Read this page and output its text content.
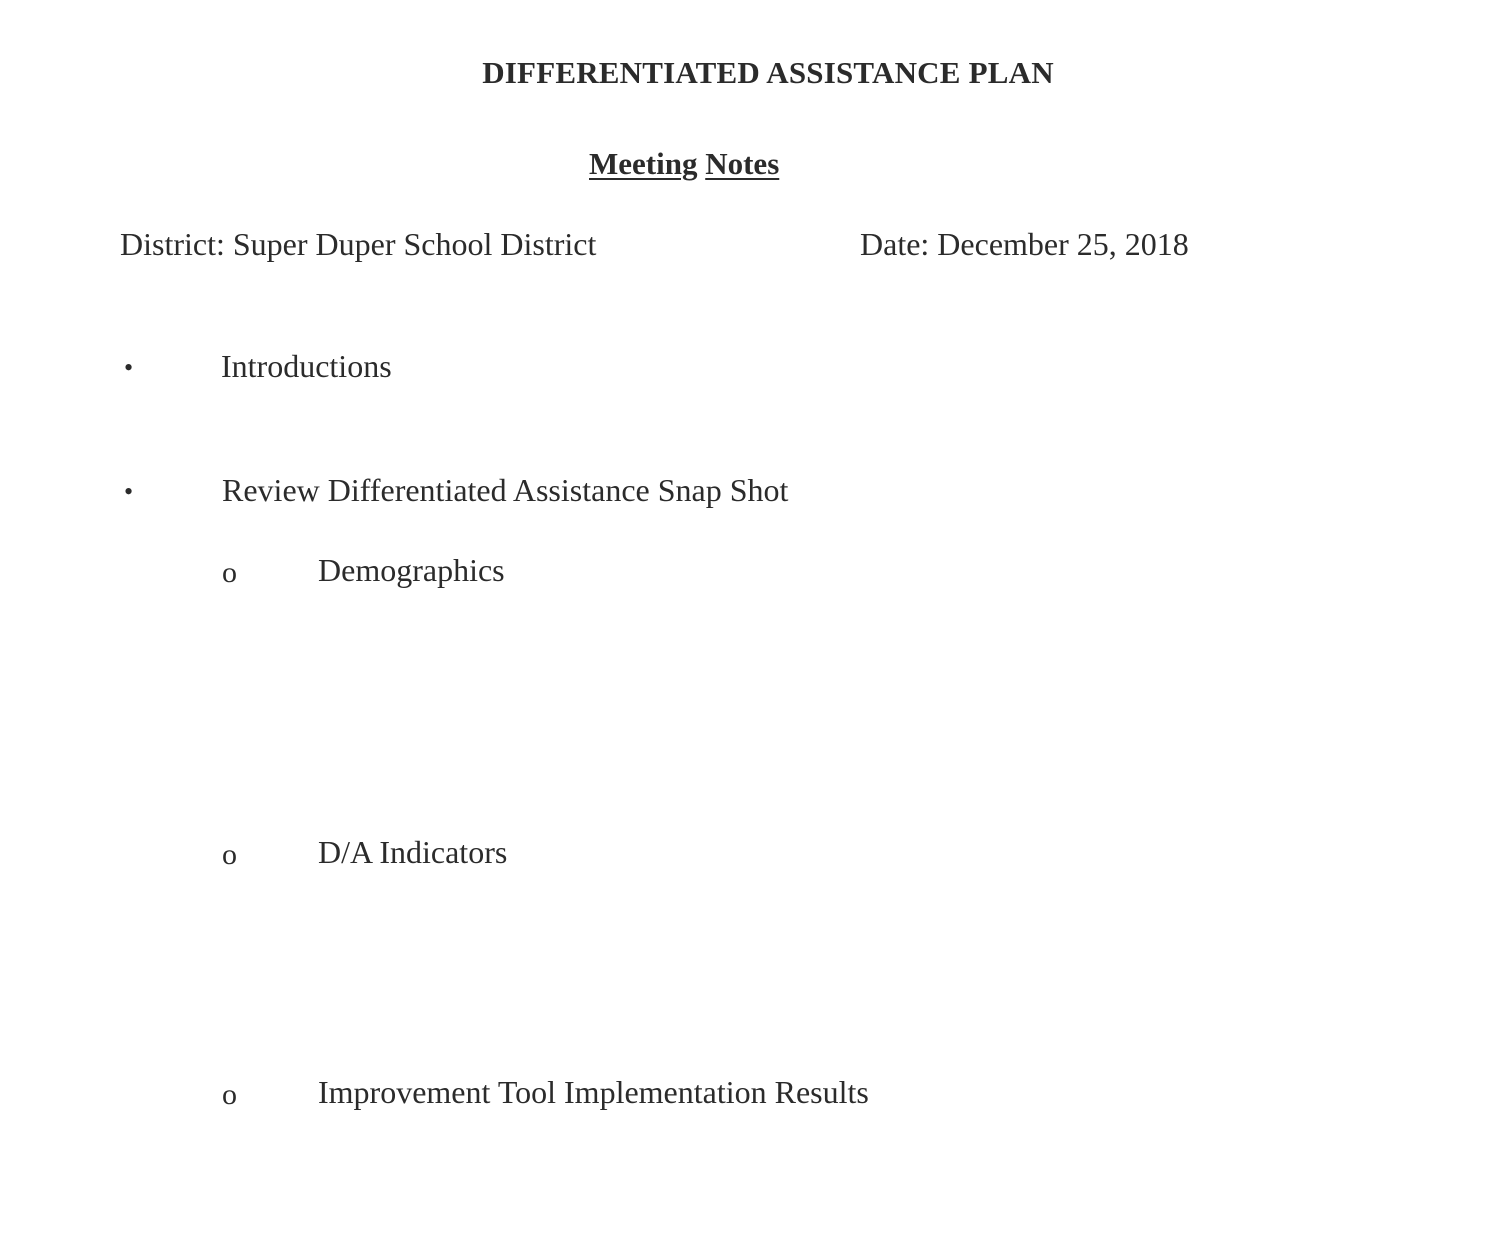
DIFFERENTIATED ASSISTANCE PLAN
Meeting Notes
District: Super Duper School District	Date: December 25, 2018
•	Introductions
•	Review Differentiated Assistance Snap Shot
o	Demographics
o	D/A Indicators
o	Improvement Tool Implementation Results
